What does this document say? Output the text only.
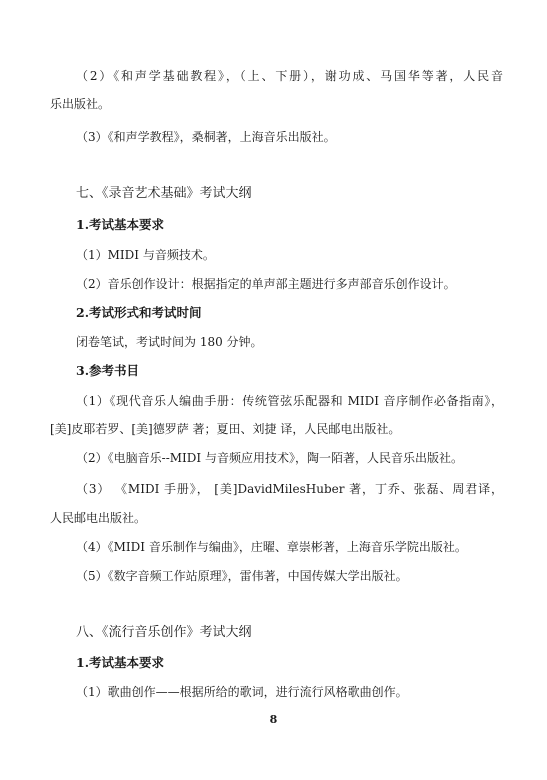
（2）《和声学基础教程》，（上、下册），谢功成、马国华等著，人民音
乐出版社。
（3）《和声学教程》，桑桐著，上海音乐出版社。
七、《录音艺术基础》考试大纲
1.考试基本要求
（1）MIDI 与音频技术。
（2）音乐创作设计：根据指定的单声部主题进行多声部音乐创作设计。
2.考试形式和考试时间
闭卷笔试，考试时间为 180 分钟。
3.参考书目
（1）《现代音乐人编曲手册：传统管弦乐配器和 MIDI 音序制作必备指南》，
[美]皮耶若罗、[美]德罗萨 著；夏田、刘捷 译，人民邮电出版社。
（2）《电脑音乐--MIDI 与音频应用技术》，陶一陌著，人民音乐出版社。
（3） 《MIDI 手册》， [美]DavidMilesHuber 著，丁乔、张磊、周君译，
人民邮电出版社。
（4）《MIDI 音乐制作与编曲》，庄曜、章崇彬著，上海音乐学院出版社。
（5）《数字音频工作站原理》，雷伟著，中国传媒大学出版社。
八、《流行音乐创作》考试大纲
1.考试基本要求
（1）歌曲创作——根据所给的歌词，进行流行风格歌曲创作。
8
